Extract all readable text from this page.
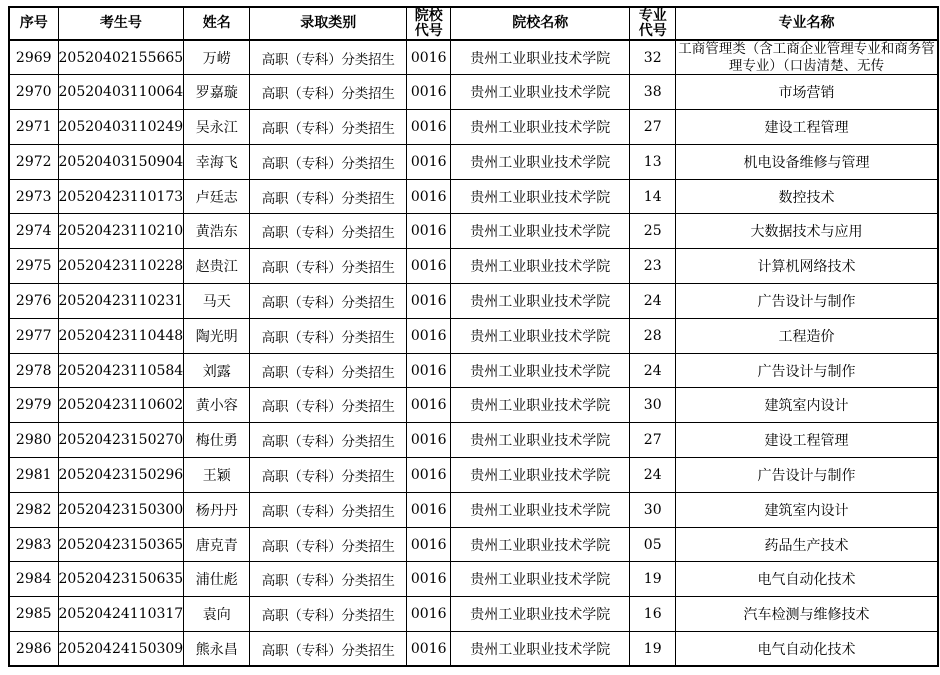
序号	考生号	姓名	录取类别	院校代号	院校名称	专业代号	专业名称
2969	20520402155665	万崂	高职（专科）分类招生	0016	贵州工业职业技术学院	32	工商管理类（含工商企业管理专业和商务管理专业）（口齿清楚、无传

2970	20520403110064	罗嘉璇	高职（专科）分类招生	0016	贵州工业职业技术学院	38	市场营销
2971	20520403110249	吴永江	高职（专科）分类招生	0016	贵州工业职业技术学院	27	建设工程管理
2972	20520403150904	幸海飞	高职（专科）分类招生	0016	贵州工业职业技术学院	13	机电设备维修与管理
2973	20520423110173	卢廷志	高职（专科）分类招生	0016	贵州工业职业技术学院	14	数控技术
2974	20520423110210	黄浩东	高职（专科）分类招生	0016	贵州工业职业技术学院	25	大数据技术与应用
2975	20520423110228	赵贵江	高职（专科）分类招生	0016	贵州工业职业技术学院	23	计算机网络技术
2976	20520423110231	马天	高职（专科）分类招生	0016	贵州工业职业技术学院	24	广告设计与制作
2977	20520423110448	陶光明	高职（专科）分类招生	0016	贵州工业职业技术学院	28	工程造价
2978	20520423110584	刘露	高职（专科）分类招生	0016	贵州工业职业技术学院	24	广告设计与制作
2979	20520423110602	黄小容	高职（专科）分类招生	0016	贵州工业职业技术学院	30	建筑室内设计
2980	20520423150270	梅仕勇	高职（专科）分类招生	0016	贵州工业职业技术学院	27	建设工程管理
2981	20520423150296	王颖	高职（专科）分类招生	0016	贵州工业职业技术学院	24	广告设计与制作
2982	20520423150300	杨丹丹	高职（专科）分类招生	0016	贵州工业职业技术学院	30	建筑室内设计
2983	20520423150365	唐克青	高职（专科）分类招生	0016	贵州工业职业技术学院	05	药品生产技术
2984	20520423150635	浦仕彪	高职（专科）分类招生	0016	贵州工业职业技术学院	19	电气自动化技术
2985	20520424110317	袁向	高职（专科）分类招生	0016	贵州工业职业技术学院	16	汽车检测与维修技术
2986	20520424150309	熊永昌	高职（专科）分类招生	0016	贵州工业职业技术学院	19	电气自动化技术
